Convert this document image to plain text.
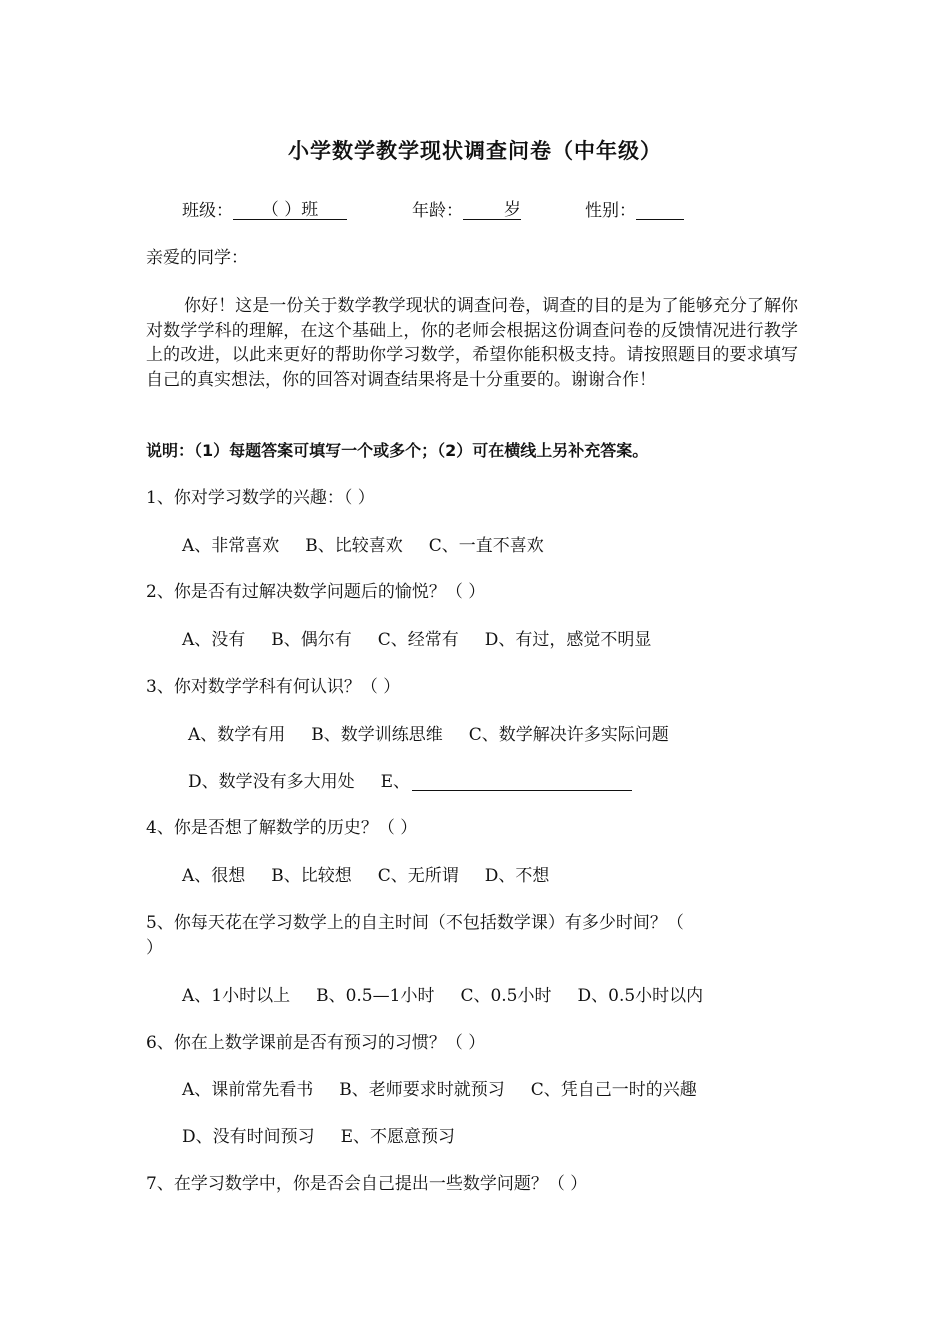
小学数学教学现状调查问卷（中年级）
班级： （ ）班	年龄： 岁	性别：
亲爱的同学：
你好！这是一份关于数学教学现状的调查问卷，调查的目的是为了能够充分了解你对数学学科的理解，在这个基础上，你的老师会根据这份调查问卷的反馈情况进行教学上的改进，以此来更好的帮助你学习数学，希望你能积极支持。请按照题目的要求填写自己的真实想法，你的回答对调查结果将是十分重要的。谢谢合作！
说明：（1）每题答案可填写一个或多个；（2）可在横线上另补充答案。
1、你对学习数学的兴趣：（ ）
A、非常喜欢 B、比较喜欢 C、一直不喜欢
2、你是否有过解决数学问题后的愉悦？（ ）
A、没有 B、偶尔有 C、经常有 D、有过，感觉不明显
3、你对数学学科有何认识？（ ）
A、数学有用 B、数学训练思维 C、数学解决许多实际问题
D、数学没有多大用处 E、
4、你是否想了解数学的历史？（ ）
A、很想 B、比较想 C、无所谓 D、不想
5、你每天花在学习数学上的自主时间（不包括数学课）有多少时间？（
）
A、1小时以上 B、0.5—1小时 C、0.5小时 D、0.5小时以内
6、你在上数学课前是否有预习的习惯？（ ）
A、课前常先看书 B、老师要求时就预习 C、凭自己一时的兴趣
D、没有时间预习 E、不愿意预习
7、在学习数学中，你是否会自己提出一些数学问题？（ ）
